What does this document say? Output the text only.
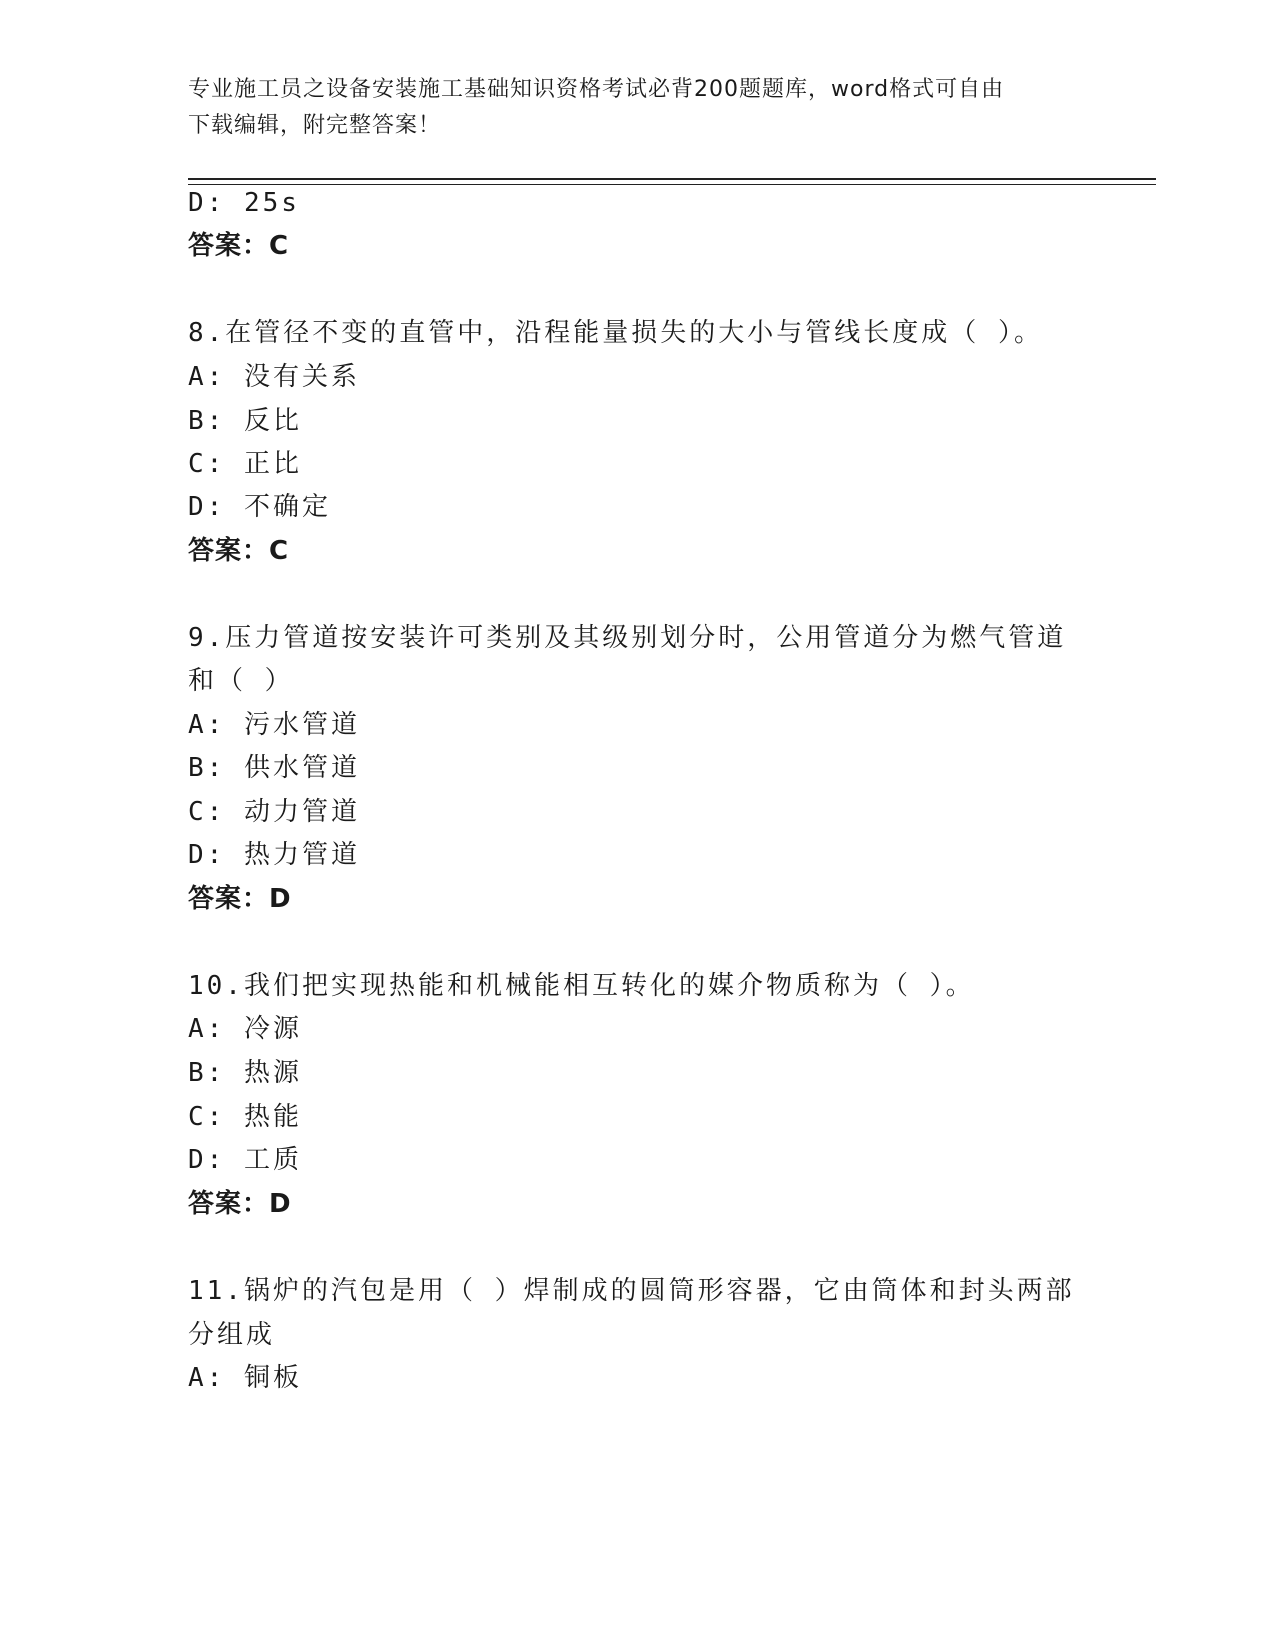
专业施工员之设备安装施工基础知识资格考试必背200题题库，word格式可自由
下载编辑，附完整答案！
D: 25s
答案：C
8.在管径不变的直管中，沿程能量损失的大小与管线长度成（ ）。
A: 没有关系
B: 反比
C: 正比
D: 不确定
答案：C
9.压力管道按安装许可类别及其级别划分时，公用管道分为燃气管道
和（ ）
A: 污水管道
B: 供水管道
C: 动力管道
D: 热力管道
答案：D
10.我们把实现热能和机械能相互转化的媒介物质称为（ ）。
A: 冷源
B: 热源
C: 热能
D: 工质
答案：D
11.锅炉的汽包是用（ ）焊制成的圆筒形容器，它由筒体和封头两部
分组成
A: 铜板
